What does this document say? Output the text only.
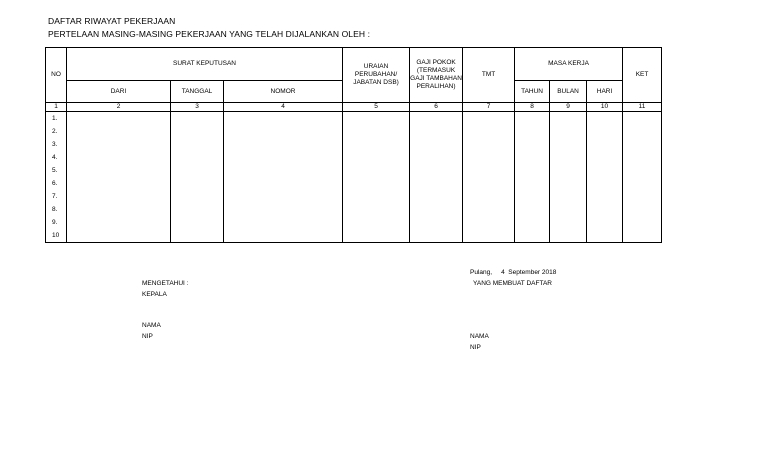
DAFTAR RIWAYAT PEKERJAAN
PERTELAAN MASING-MASING PEKERJAAN YANG TELAH DIJALANKAN OLEH :
NO	SURAT KEPUTUSAN			URAIAN PERUBAHAN/ JABATAN DSB)	GAJI POKOK (TERMASUK GAJI TAMBAHAN PERALIHAN)	TMT	MASA KERJA			KET
	DARI	TANGGAL	NOMOR				TAHUN	BULAN	HARI	
1	2	3	4	5	6	7	8	9	10	11
1.										
2.										
3.										
4.										
5.										
6.										
7.										
8.										
9.										
10										
Pulang,     4  September 2018
YANG MEMBUAT DAFTAR
MENGETAHUI :
KEPALA
NAMA
NIP	NAMA
NIP
